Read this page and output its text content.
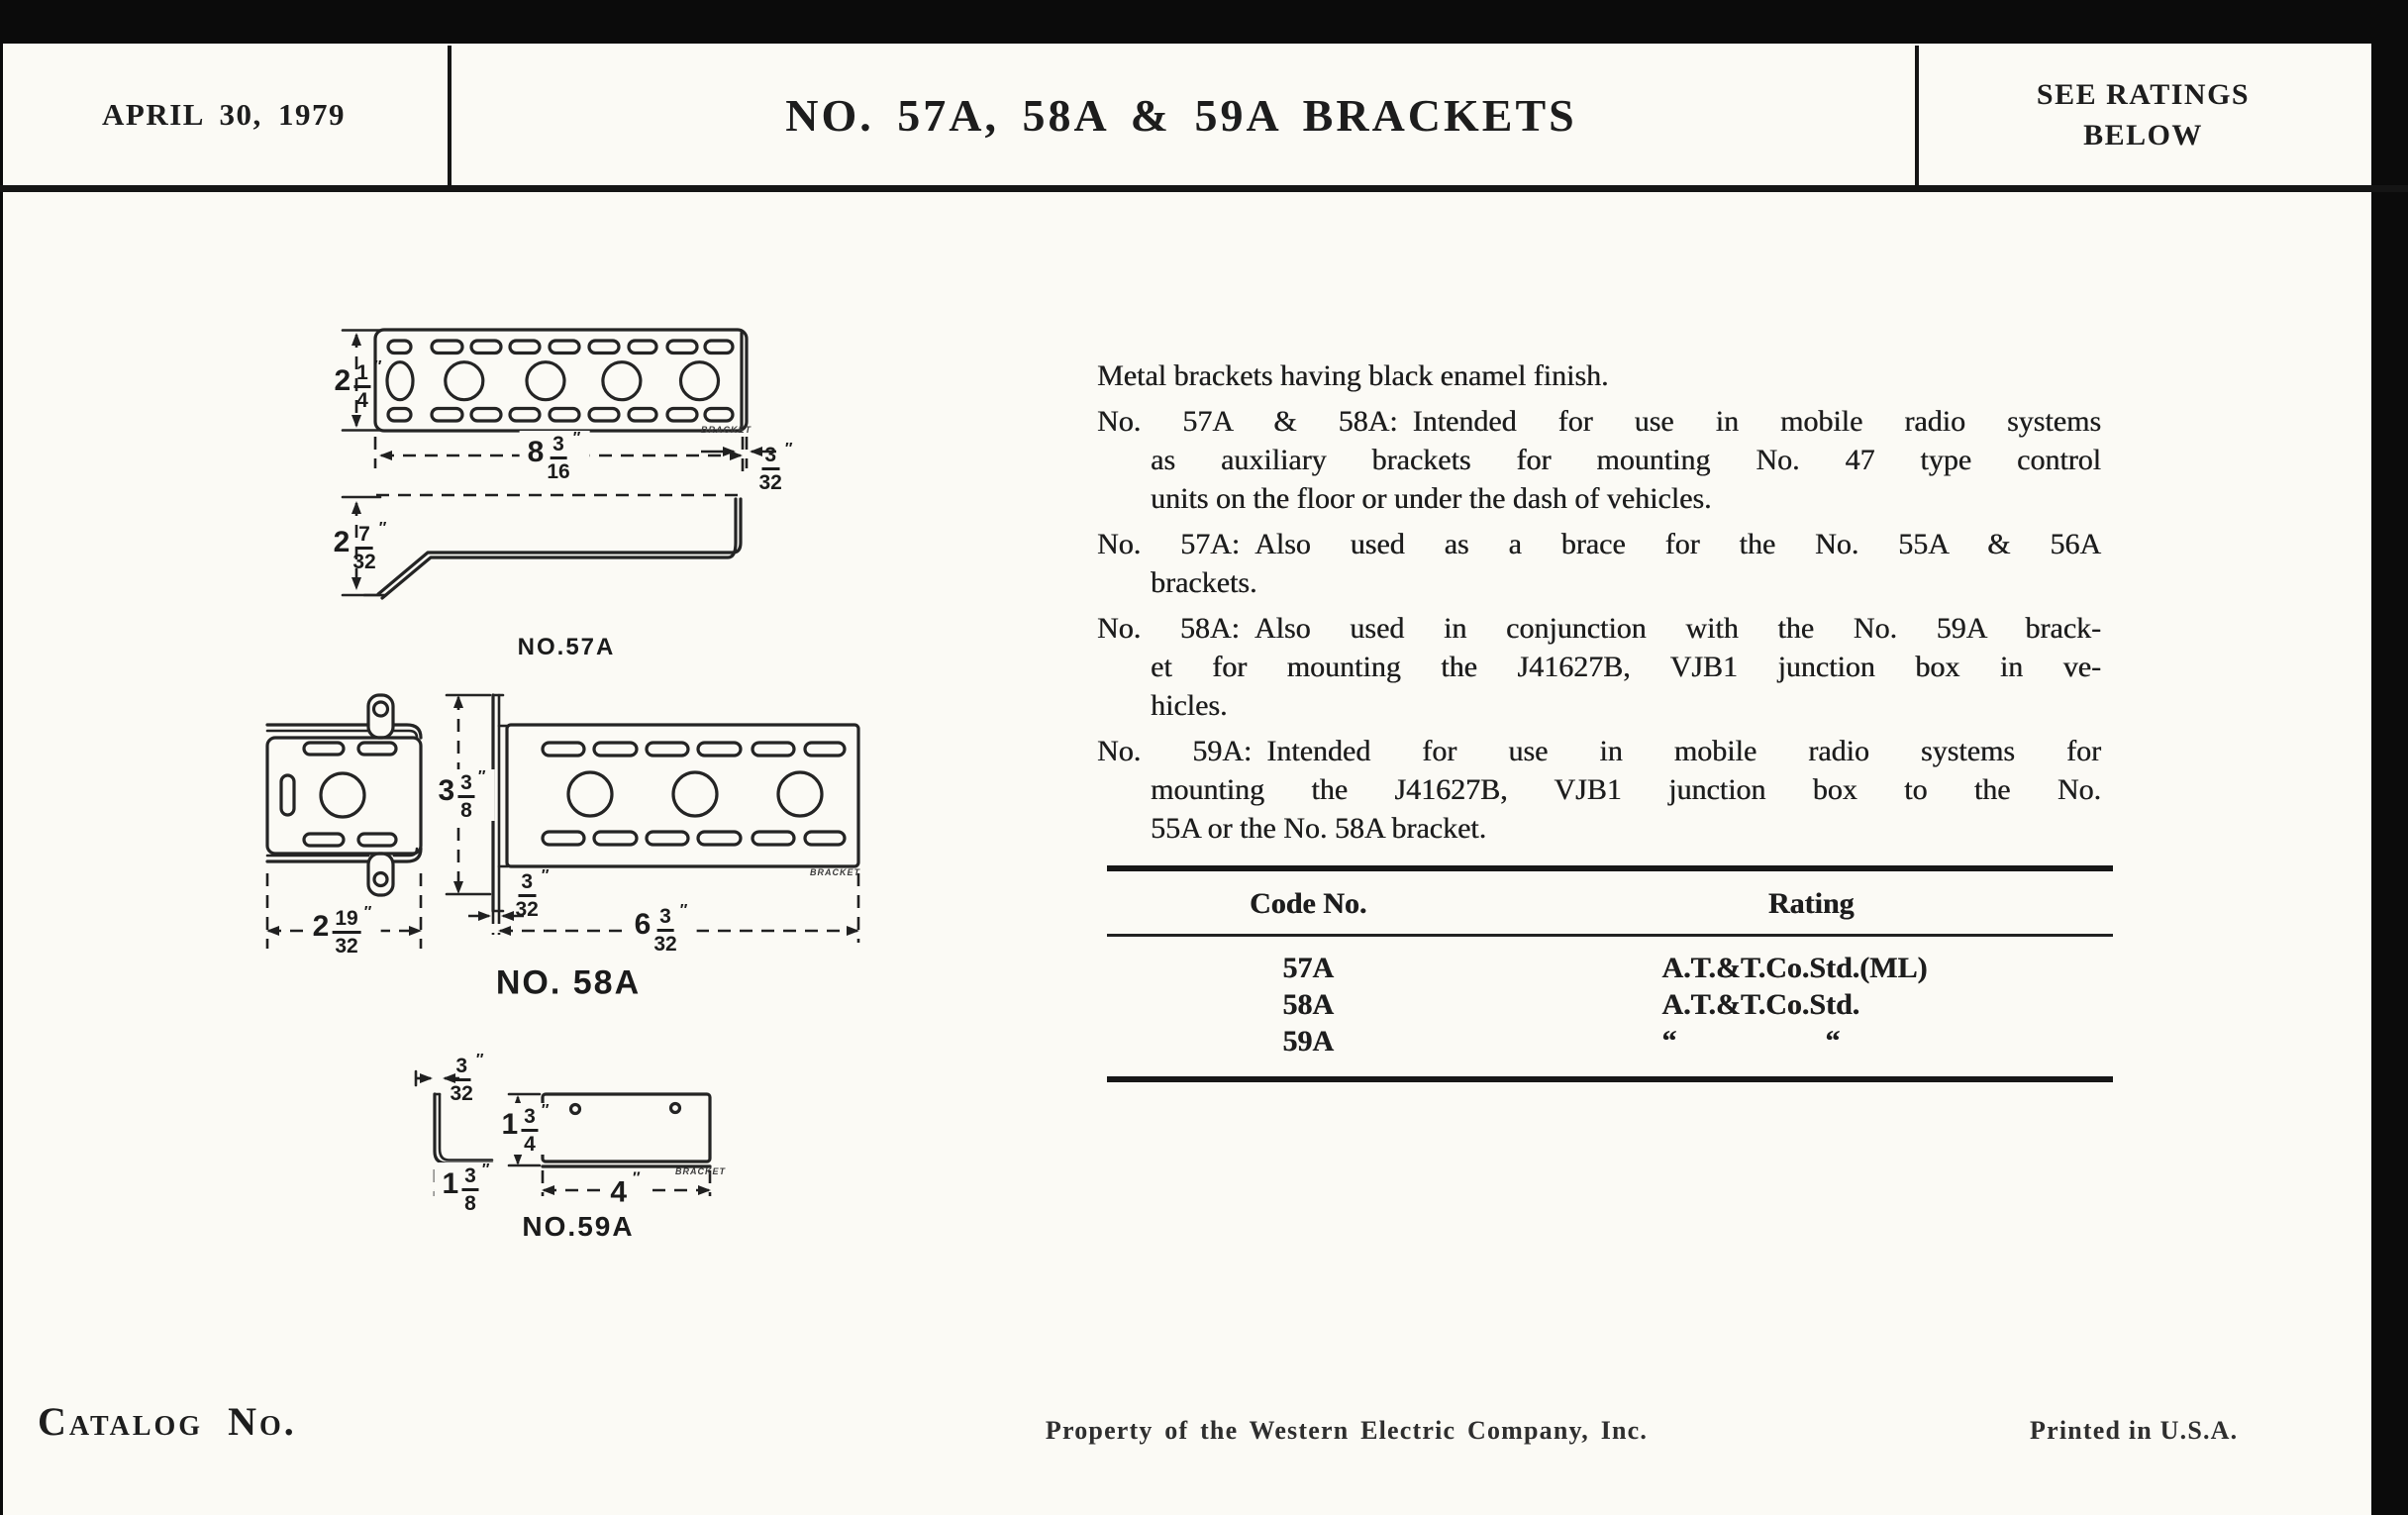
APRIL 30, 1979	NO. 57A, 58A & 59A BRACKETS	SEE RATINGS
BELOW
Metal brackets having black enamel finish.
No. 57A & 58A: Intended for use in mobile radio systems
as auxiliary brackets for mounting No. 47 type control
units on the floor or under the dash of vehicles.
No. 57A: Also used as a brace for the No. 55A & 56A
brackets.
No. 58A: Also used in conjunction with the No. 59A brack-
et for mounting the J41627B, VJB1 junction box in ve-
hicles.
No. 59A: Intended for use in mobile radio systems for
mounting the J41627B, VJB1 junction box to the No.
55A or the No. 58A bracket.
Code No.	Rating
57A	A.T.&T.Co.Std.(ML)
58A	A.T.&T.Co.Std.
59A	“     “
$2 \frac{1}{4}$ ″
$8 \frac{3}{16}$ ″
$\frac{3}{32}$ ″
$2 \frac{7}{32}$ ″
NO.57A
BRACKET
$2 \frac{19}{32}$ ″
$3 \frac{3}{8}$ ″
$\frac{3}{32}$ ″
$6 \frac{3}{32}$ ″
NO. 58A
BRACKET
$\frac{3}{32}$ ″
$1 \frac{3}{8}$ ″
$1 \frac{3}{4}$ ″
4 ″
NO.59A
BRACKET
Catalog No.	Property of the Western Electric Company, Inc.	Printed in U.S.A.
